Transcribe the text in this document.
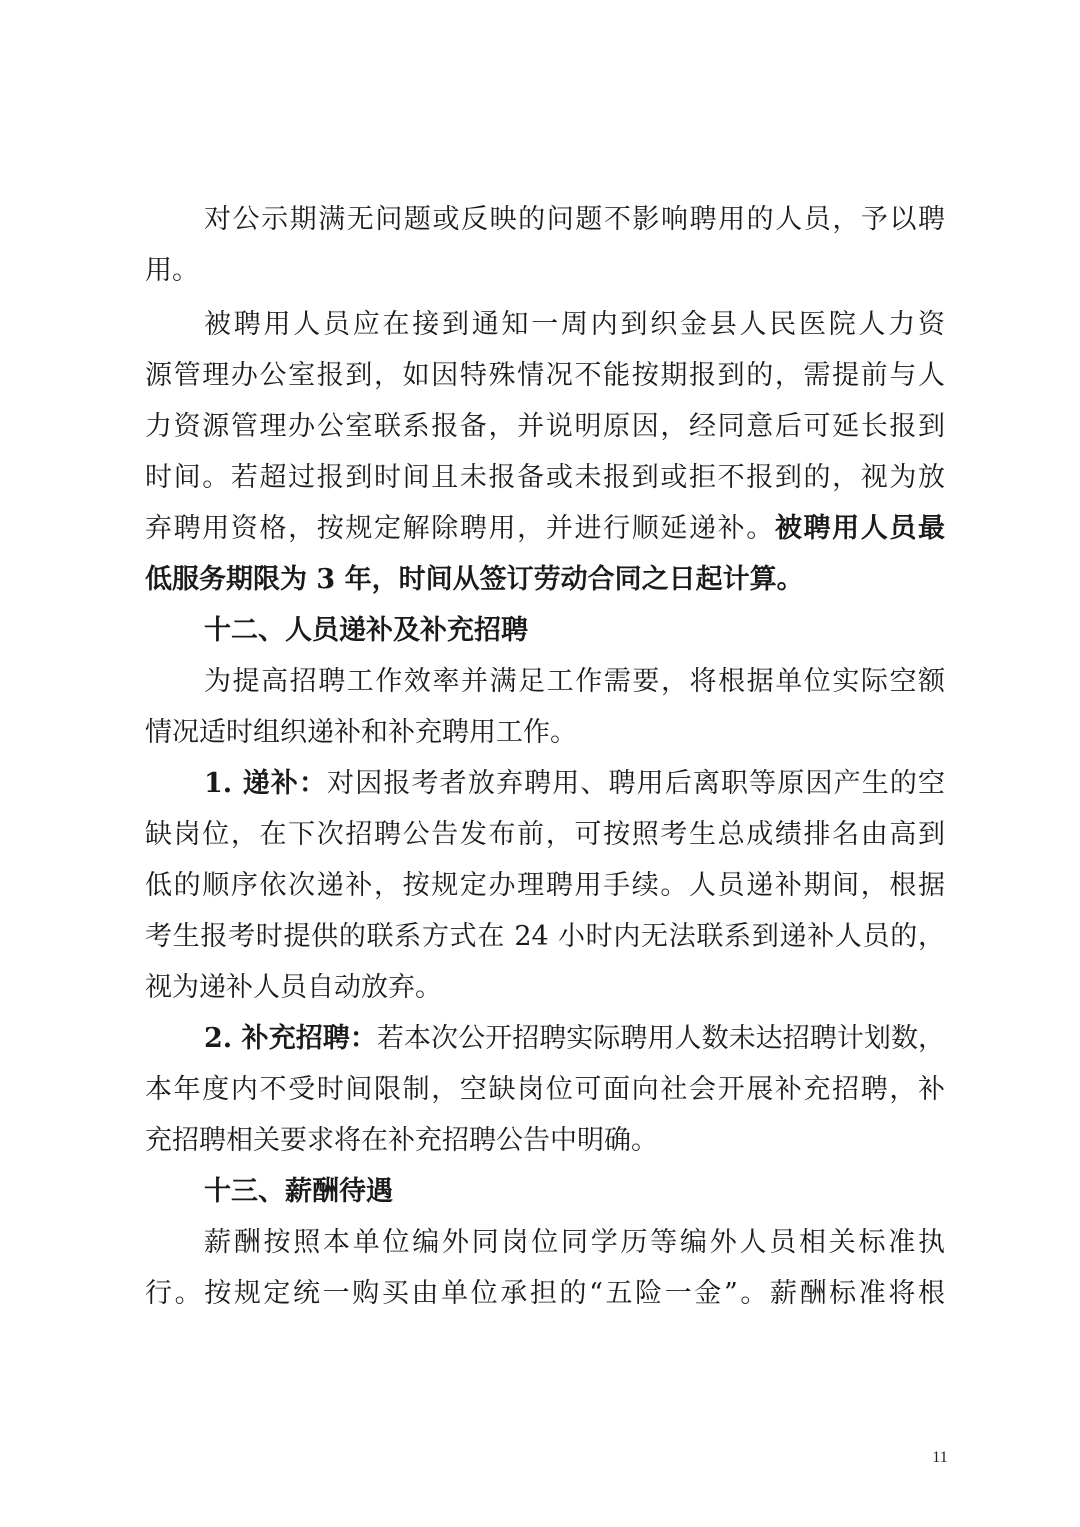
对公示期满无问题或反映的问题不影响聘用的人员，予以聘
用。
被聘用人员应在接到通知一周内到织金县人民医院人力资
源管理办公室报到，如因特殊情况不能按期报到的，需提前与人
力资源管理办公室联系报备，并说明原因，经同意后可延长报到
时间。若超过报到时间且未报备或未报到或拒不报到的，视为放
弃聘用资格，按规定解除聘用，并进行顺延递补。被聘用人员最
低服务期限为 3 年，时间从签订劳动合同之日起计算。
十二、人员递补及补充招聘
为提高招聘工作效率并满足工作需要，将根据单位实际空额
情况适时组织递补和补充聘用工作。
1. 递补：对因报考者放弃聘用、聘用后离职等原因产生的空
缺岗位，在下次招聘公告发布前，可按照考生总成绩排名由高到
低的顺序依次递补，按规定办理聘用手续。人员递补期间，根据
考生报考时提供的联系方式在 24 小时内无法联系到递补人员的，
视为递补人员自动放弃。
2. 补充招聘：若本次公开招聘实际聘用人数未达招聘计划数，
本年度内不受时间限制，空缺岗位可面向社会开展补充招聘，补
充招聘相关要求将在补充招聘公告中明确。
十三、薪酬待遇
薪酬按照本单位编外同岗位同学历等编外人员相关标准执
行。按规定统一购买由单位承担的“五险一金”。薪酬标准将根
11
